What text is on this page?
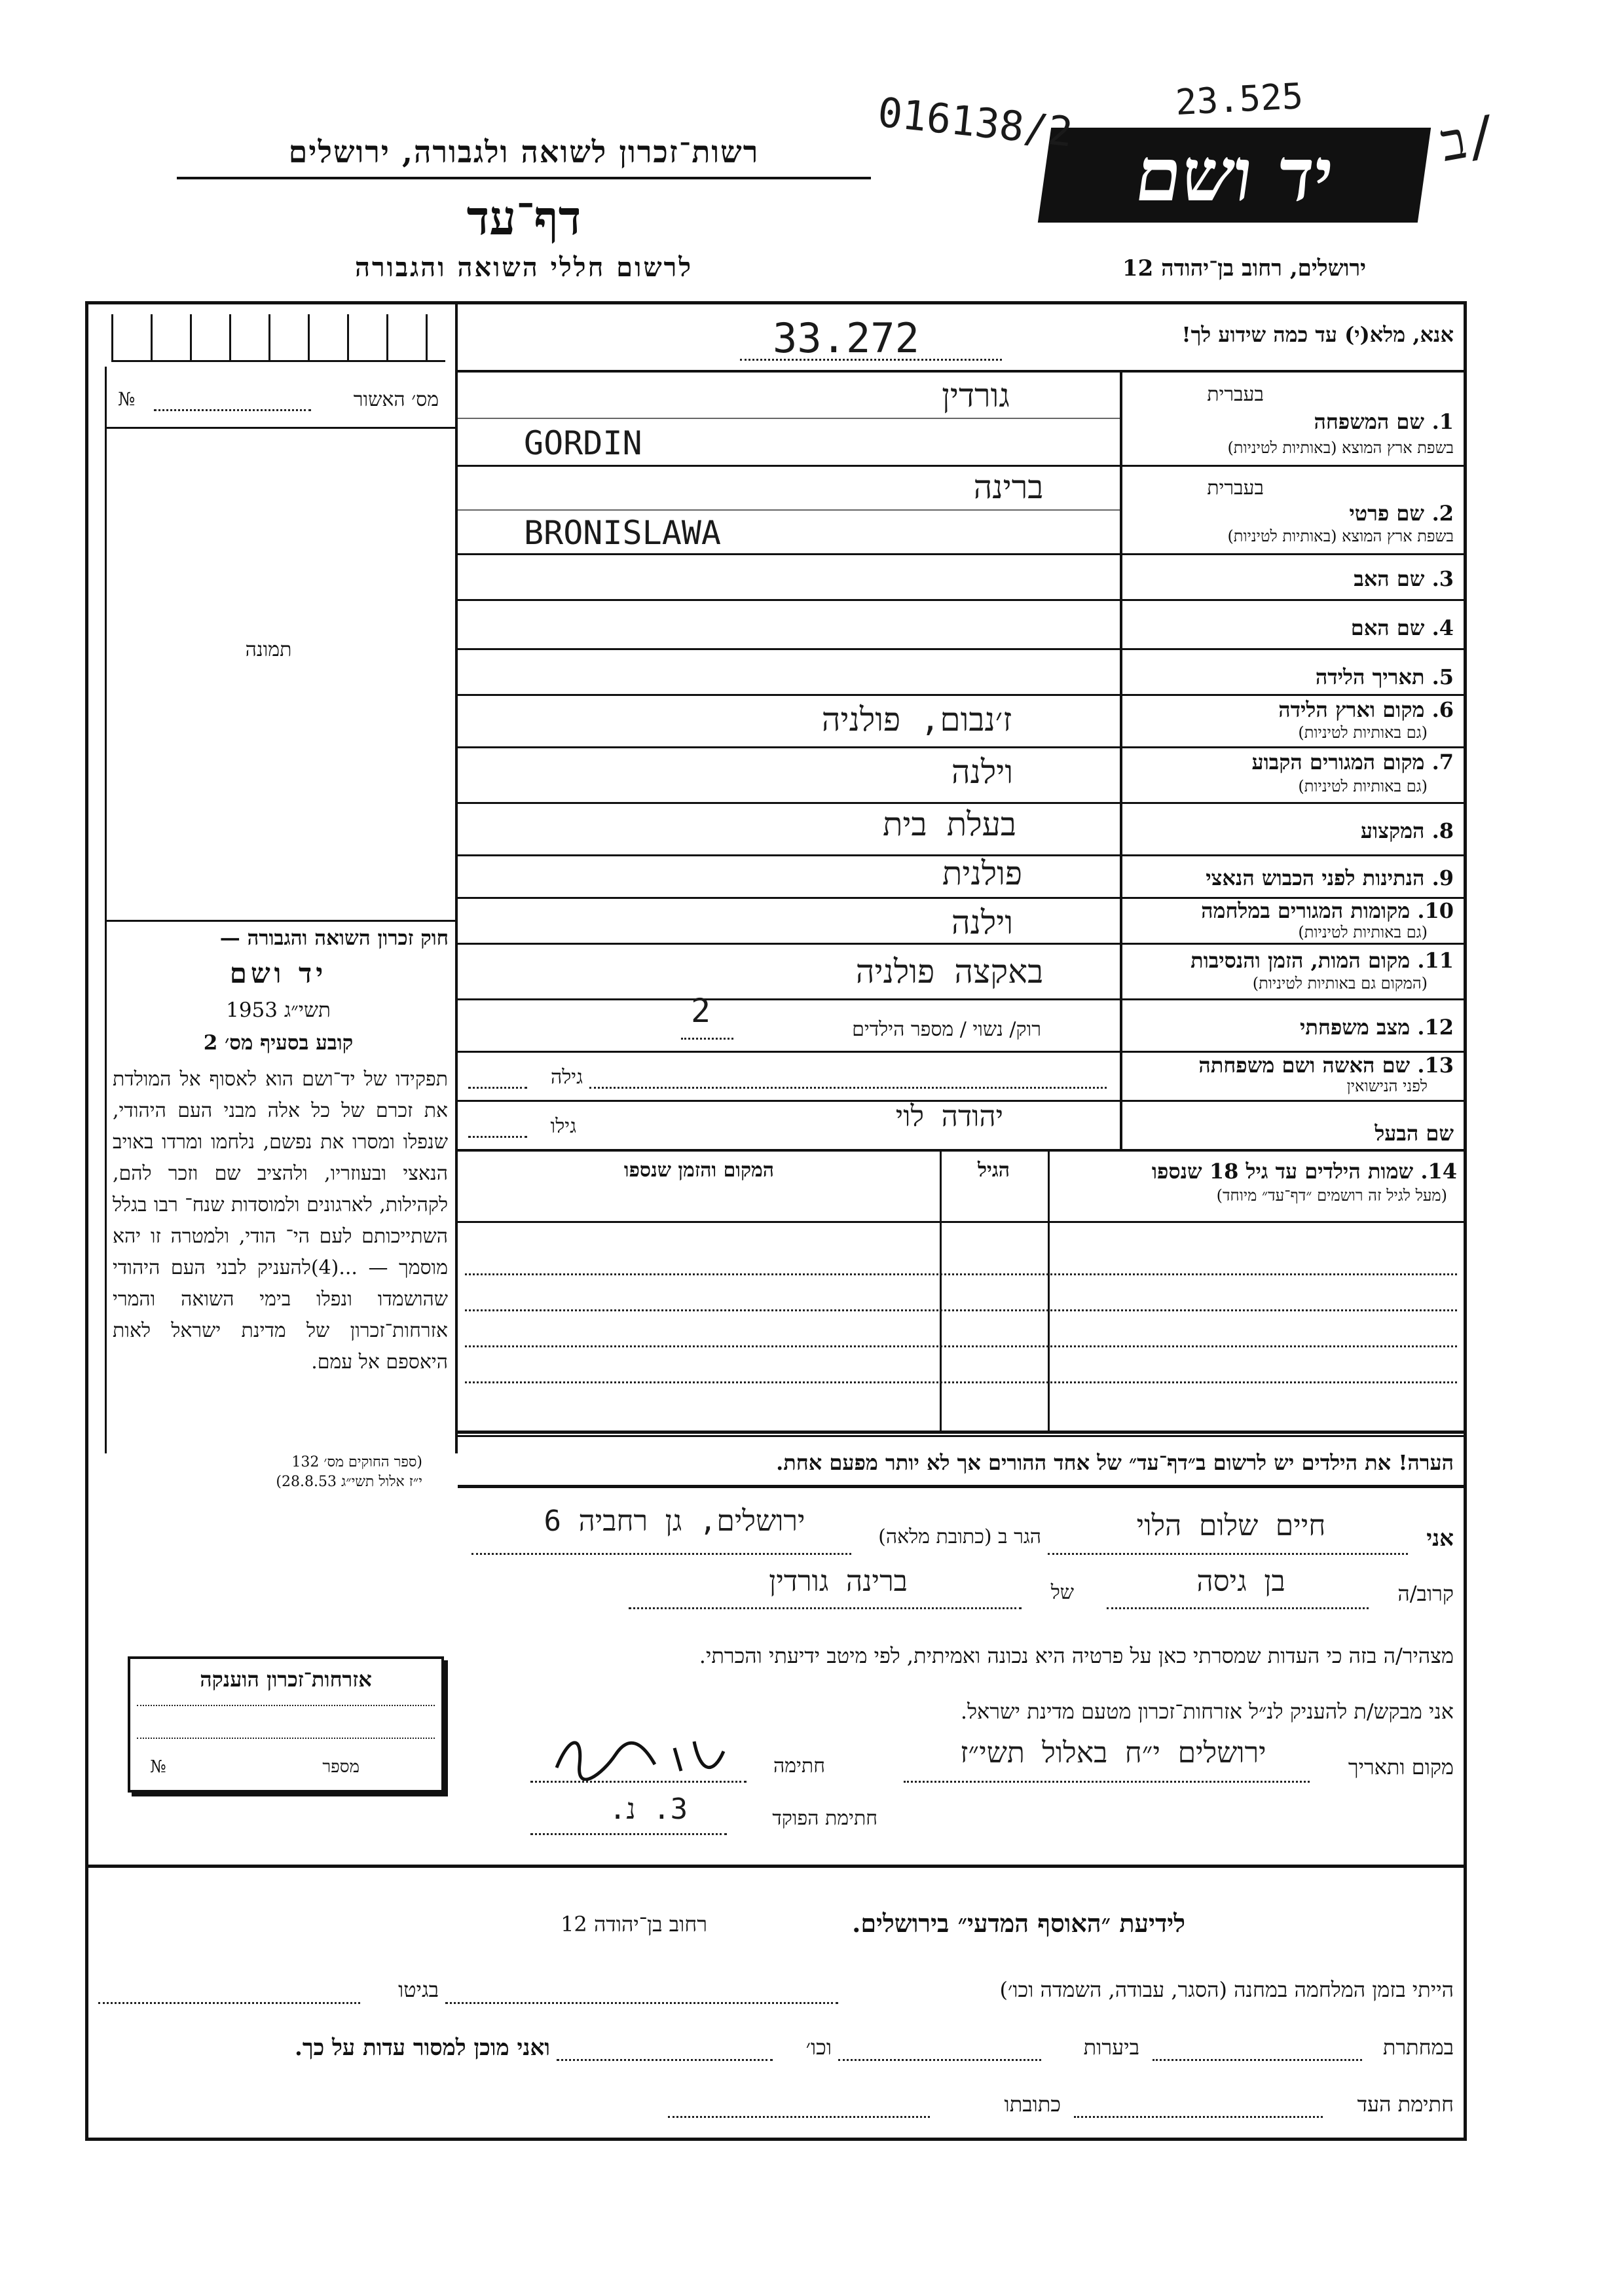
רשות־זכרון לשואה ולגבורה, ירושלים
דף־עד
לרשום חללי השואה והגבורה
יד ושם
ירושלים, רחוב בן־יהודה 12
016138/2	23.525
ב/
אנא, מלא(י) עד כמה שידוע לך!
33.272
מס׳ האשור
№
תמונה
1.
שם המשפחה
בעברית
בשפת ארץ המוצא (באותיות לטיניות)
גורדין
GORDIN
2.
שם פרטי
בעברית
בשפת ארץ המוצא (באותיות לטיניות)
ברינה
BRONISLAWA
3. שם האב
4. שם האם
5. תאריך הלידה
6. מקום וארץ הלידה
(גם באותיות לטיניות)
ז׳נבום, פולניה
7. מקום המגורים הקבוע
(גם באותיות לטיניות)
וילנה
8. המקצוע
בעלת בית
9. הנתינות לפני הכבוש הנאצי
פולנית
10. מקומות המגורים במלחמה
(גם באותיות לטיניות)
וילנה
11. מקום המות, הזמן והנסיבות
(המקום גם באותיות לטיניות)
באקצה פולניה
12. מצב משפחתי
רוק/ נשוי / מספר הילדים
2
13. שם האשה ושם משפחתה
לפני הנישואין
גילה
שם הבעל
גילו	יהודה לוי
14. שמות הילדים עד גיל 18 שנספו
(מעל לגיל זה רושמים ״דף־עד״ מיוחד)
הגיל
המקום והזמן שנספו
חוק זכרון השואה והגבורה —
יד ושם
תשי״ג 1953
קובע בסעיף מס׳ 2
תפקידו של יד־ושם הוא לאסוף אל המולדת את זכרם של כל אלה מבני העם היהודי, שנפלו ומסרו את נפשם, נלחמו ומרדו באויב הנאצי ובעוזריו, ולהציב שם וזכר להם, לקהילות, לארגונים ולמוסדות שנח־ רבו בגלל השתייכותם לעם הי־ הודי, ולמטרה זו יהא מוסמך — ...(4)להעניק לבני העם היהודי שהושמדו ונפלו בימי השואה והמרי אזרחות־זכרון של מדינת ישראל לאות היאספם אל עמם.
(ספר החוקים מס׳ 132
י״ז אלול תשי״ג 28.8.53)
הערה! את הילדים יש לרשום ב״דף־עד״ של אחד ההורים אך לא יותר מפעם אחת.
אני
חיים שלום הלוי
הגר ב (כתובת מלאה)
ירושלים, גן רחביה 6
קרוב/ה
בן גיסה
של
ברינה גורדין
מצהיר/ה בזה כי העדות שמסרתי כאן על פרטיה היא נכונה ואמיתית, לפי מיטב ידיעתי והכרתי.
אני מבקש/ת להעניק לנ״ל אזרחות־זכרון מטעם מדינת ישראל.
מקום ותאריך
ירושלים י״ח באלול תשי״ז
חתימה
חתימת הפוקד
3. נ.
אזרחות־זכרון הוענקה
מספר
№
לידיעת ״האוסף המדעי״ בירושלים.
רחוב בן־יהודה 12
הייתי בזמן המלחמה במחנה (הסגר, עבודה, השמדה וכו׳)
בגיטו
במחתרת
ביערות
וכו׳
ואני מוכן למסור עדות על כך.
חתימת העד
כתובתו
